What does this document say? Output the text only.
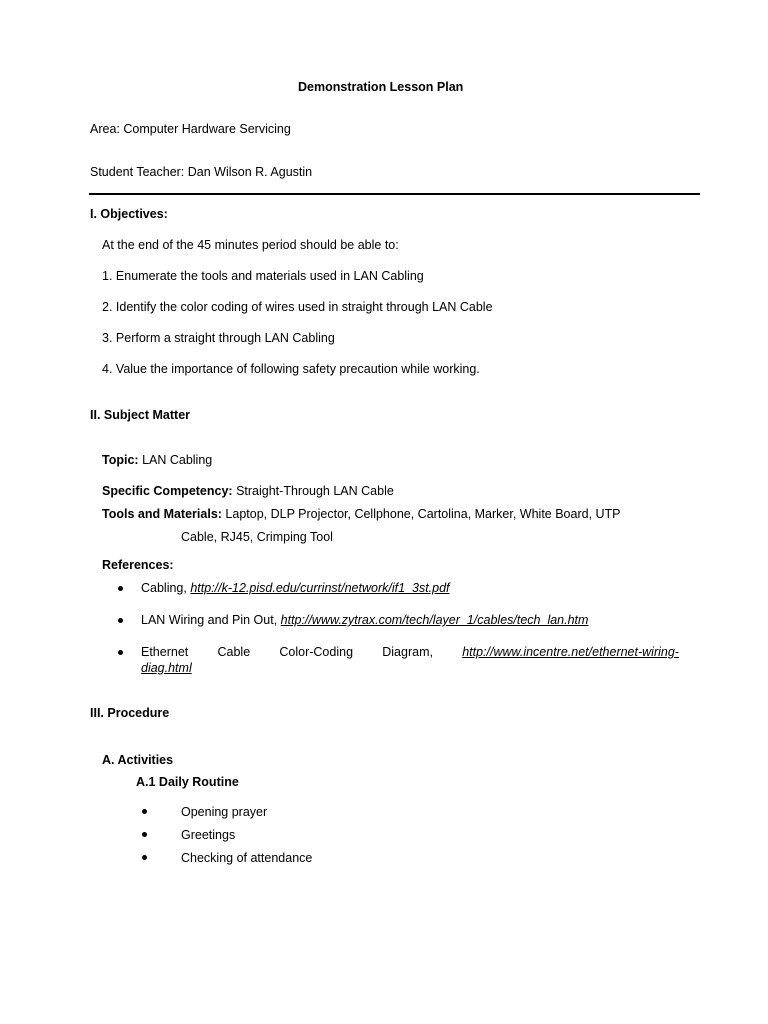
Demonstration Lesson Plan
Area: Computer Hardware Servicing
Student Teacher: Dan Wilson R. Agustin
I. Objectives:
At the end of the 45 minutes period should be able to:
1. Enumerate the tools and materials used in LAN Cabling
2. Identify the color coding of wires used in straight through LAN Cable
3. Perform a straight through LAN Cabling
4. Value the importance of following safety precaution while working.
II. Subject Matter
Topic: LAN Cabling
Specific Competency: Straight-Through LAN Cable
Tools and Materials: Laptop, DLP Projector, Cellphone, Cartolina, Marker, White Board, UTP
Cable, RJ45, Crimping Tool
References:
Cabling, http://k-12.pisd.edu/currinst/network/if1_3st.pdf
LAN Wiring and Pin Out, http://www.zytrax.com/tech/layer_1/cables/tech_lan.htm
Ethernet Cable Color-Coding Diagram, http://www.incentre.net/ethernet-wiring-
diag.html
III. Procedure
A. Activities
A.1 Daily Routine
Opening prayer
Greetings
Checking of attendance
